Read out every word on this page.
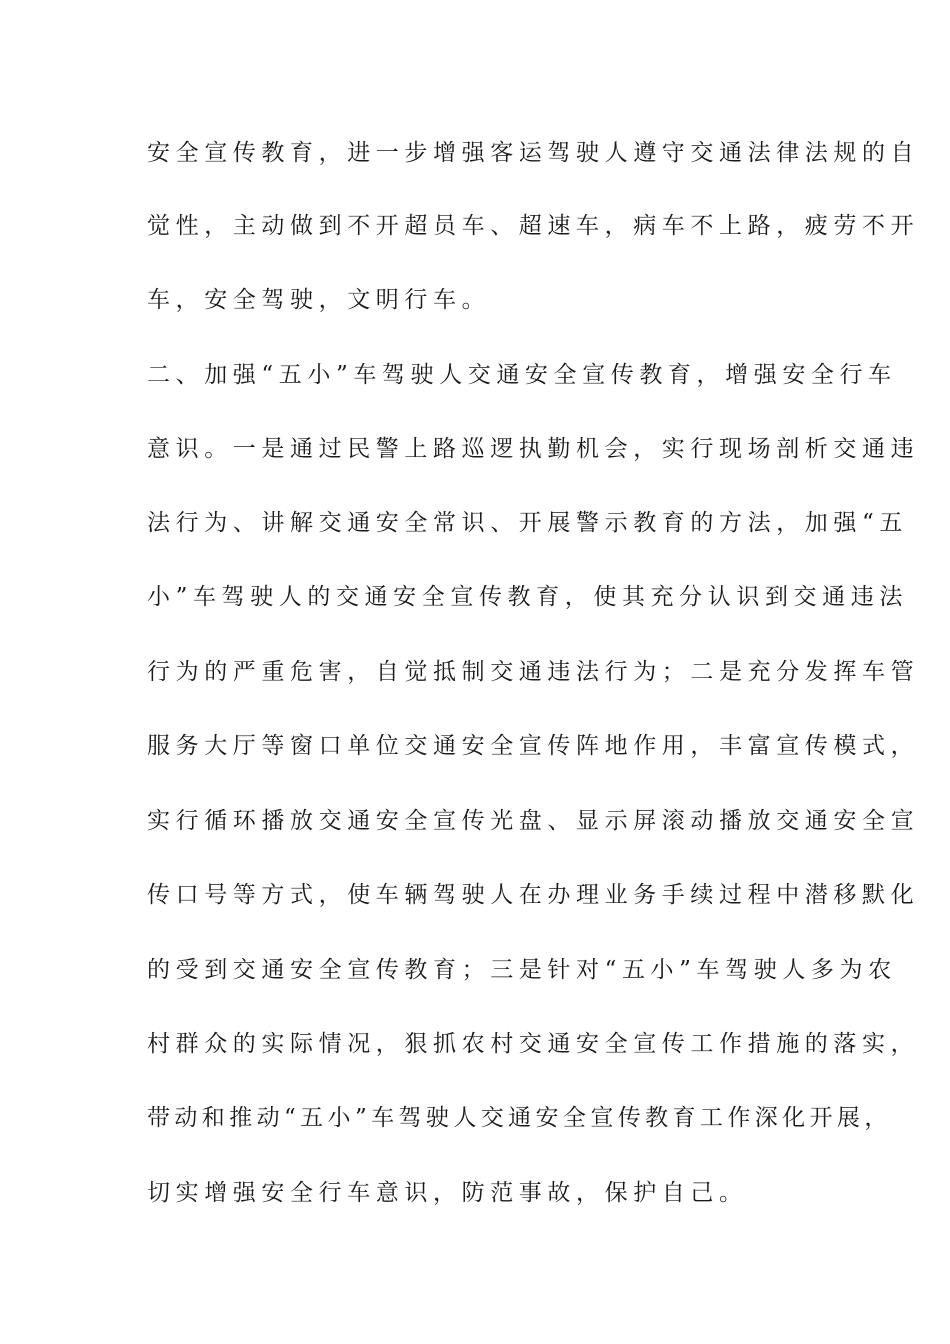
安全宣传教育，进一步增强客运驾驶人遵守交通法律法规的自
觉性，主动做到不开超员车、超速车，病车不上路，疲劳不开
车，安全驾驶，文明行车。
二、加强“五小”车驾驶人交通安全宣传教育，增强安全行车
意识。一是通过民警上路巡逻执勤机会，实行现场剖析交通违
法行为、讲解交通安全常识、开展警示教育的方法，加强“五
小”车驾驶人的交通安全宣传教育，使其充分认识到交通违法
行为的严重危害，自觉抵制交通违法行为；二是充分发挥车管
服务大厅等窗口单位交通安全宣传阵地作用，丰富宣传模式，
实行循环播放交通安全宣传光盘、显示屏滚动播放交通安全宣
传口号等方式，使车辆驾驶人在办理业务手续过程中潜移默化
的受到交通安全宣传教育；三是针对“五小”车驾驶人多为农
村群众的实际情况，狠抓农村交通安全宣传工作措施的落实，
带动和推动“五小”车驾驶人交通安全宣传教育工作深化开展，
切实增强安全行车意识，防范事故，保护自己。
